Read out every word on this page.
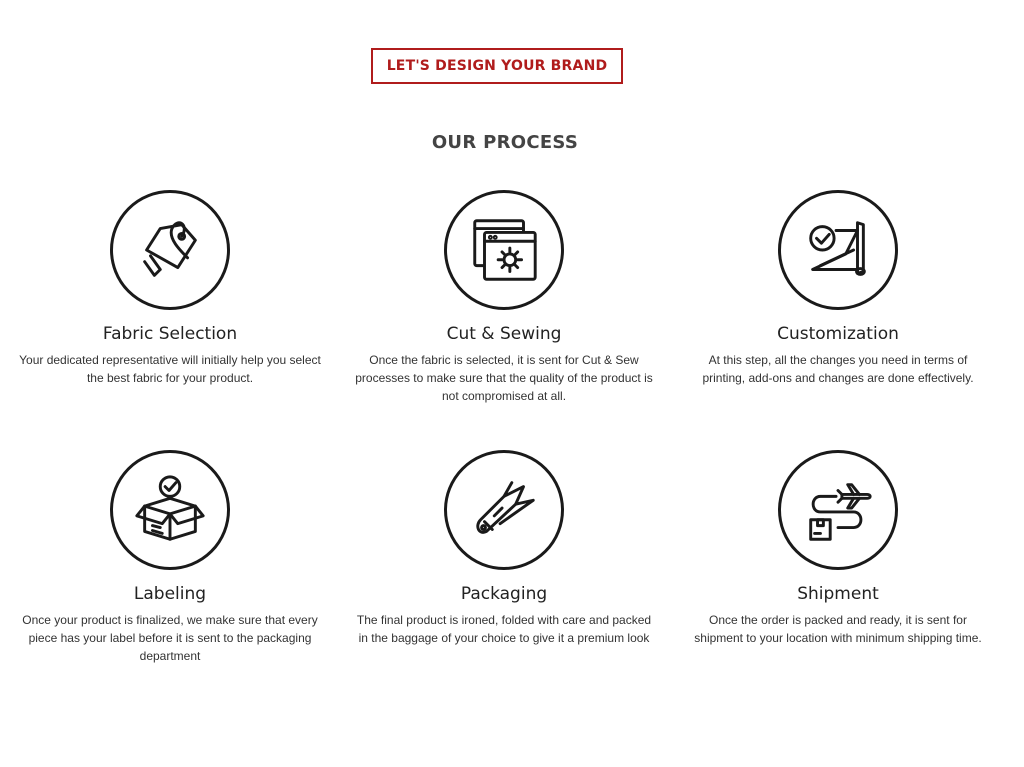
LET'S DESIGN YOUR BRAND
OUR PROCESS
Fabric Selection
Your dedicated representative will initially help you select the best fabric for your product.
Cut & Sewing
Once the fabric is selected, it is sent for Cut & Sew processes to make sure that the quality of the product is not compromised at all.
Customization
At this step, all the changes you need in terms of printing, add-ons and changes are done effectively.
Labeling
Once your product is finalized, we make sure that every piece has your label before it is sent to the packaging department
Packaging
The final product is ironed, folded with care and packed in the baggage of your choice to give it a premium look
Shipment
Once the order is packed and ready, it is sent for shipment to your location with minimum shipping time.
